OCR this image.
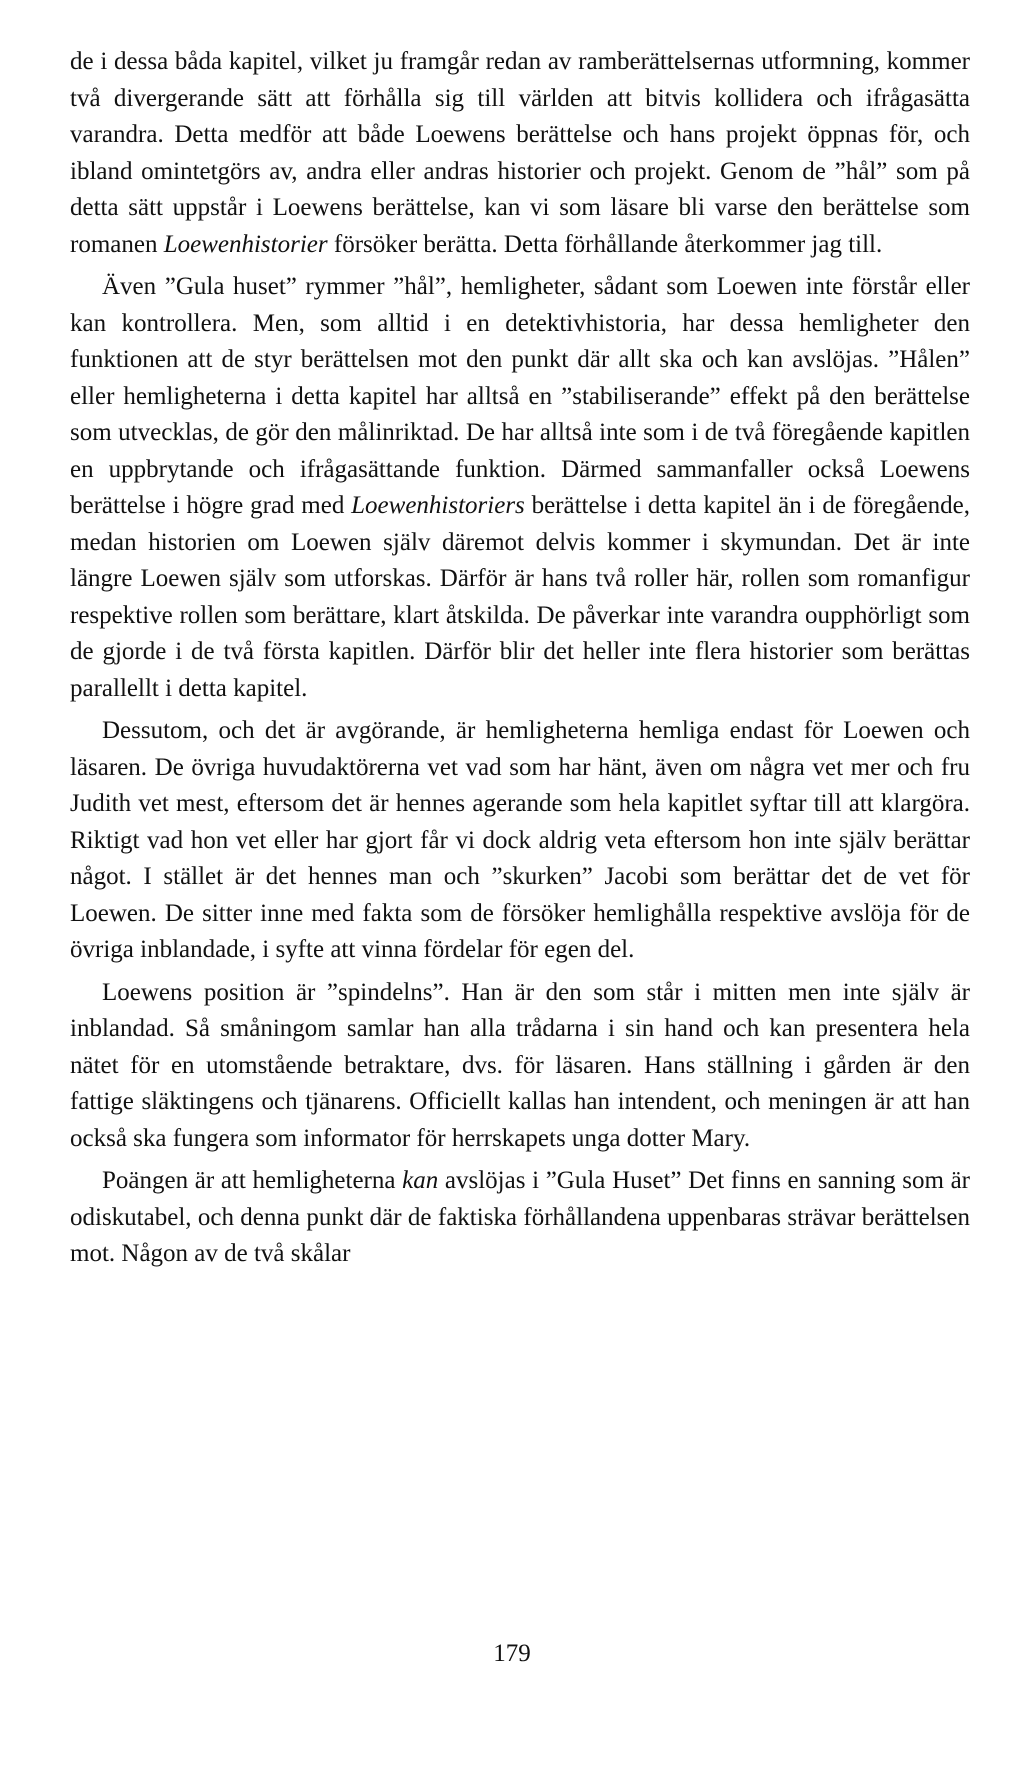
de i dessa båda kapitel, vilket ju framgår redan av ramberättelsernas utformning, kommer två divergerande sätt att förhålla sig till världen att bitvis kollidera och ifrågasätta varandra. Detta medför att både Loewens berättelse och hans projekt öppnas för, och ibland omintetgörs av, andra eller andras historier och projekt. Genom de ”hål” som på detta sätt uppstår i Loewens berättelse, kan vi som läsare bli varse den berättelse som romanen Loewenhistorier försöker berätta. Detta förhållande återkommer jag till.

Även ”Gula huset” rymmer ”hål”, hemligheter, sådant som Loewen inte förstår eller kan kontrollera. Men, som alltid i en detektivhistoria, har dessa hemligheter den funktionen att de styr berättelsen mot den punkt där allt ska och kan avslöjas. ”Hålen” eller hemligheterna i detta kapitel har alltså en ”stabiliserande” effekt på den berättelse som utvecklas, de gör den målinriktad. De har alltså inte som i de två föregående kapitlen en uppbrytande och ifrågasättande funktion. Därmed sammanfaller också Loewens berättelse i högre grad med Loewenhistoriers berättelse i detta kapitel än i de föregående, medan historien om Loewen själv däremot delvis kommer i skymundan. Det är inte längre Loewen själv som utforskas. Därför är hans två roller här, rollen som romanfigur respektive rollen som berättare, klart åtskilda. De påverkar inte varandra oupphörligt som de gjorde i de två första kapitlen. Därför blir det heller inte flera historier som berättas parallellt i detta kapitel.

Dessutom, och det är avgörande, är hemligheterna hemliga endast för Loewen och läsaren. De övriga huvudaktörerna vet vad som har hänt, även om några vet mer och fru Judith vet mest, eftersom det är hennes agerande som hela kapitlet syftar till att klargöra. Riktigt vad hon vet eller har gjort får vi dock aldrig veta eftersom hon inte själv berättar något. I stället är det hennes man och ”skurken” Jacobi som berättar det de vet för Loewen. De sitter inne med fakta som de försöker hemlighålla respektive avslöja för de övriga inblandade, i syfte att vinna fördelar för egen del.

Loewens position är ”spindelns”. Han är den som står i mitten men inte själv är inblandad. Så småningom samlar han alla trådarna i sin hand och kan presentera hela nätet för en utomstående betraktare, dvs. för läsaren. Hans ställning i gården är den fattige släktingens och tjänarens. Officiellt kallas han intendent, och meningen är att han också ska fungera som informator för herrskapets unga dotter Mary.

Poängen är att hemligheterna kan avslöjas i ”Gula Huset” Det finns en sanning som är odiskutabel, och denna punkt där de faktiska förhållandena uppenbaras strävar berättelsen mot. Någon av de två skålar

179
